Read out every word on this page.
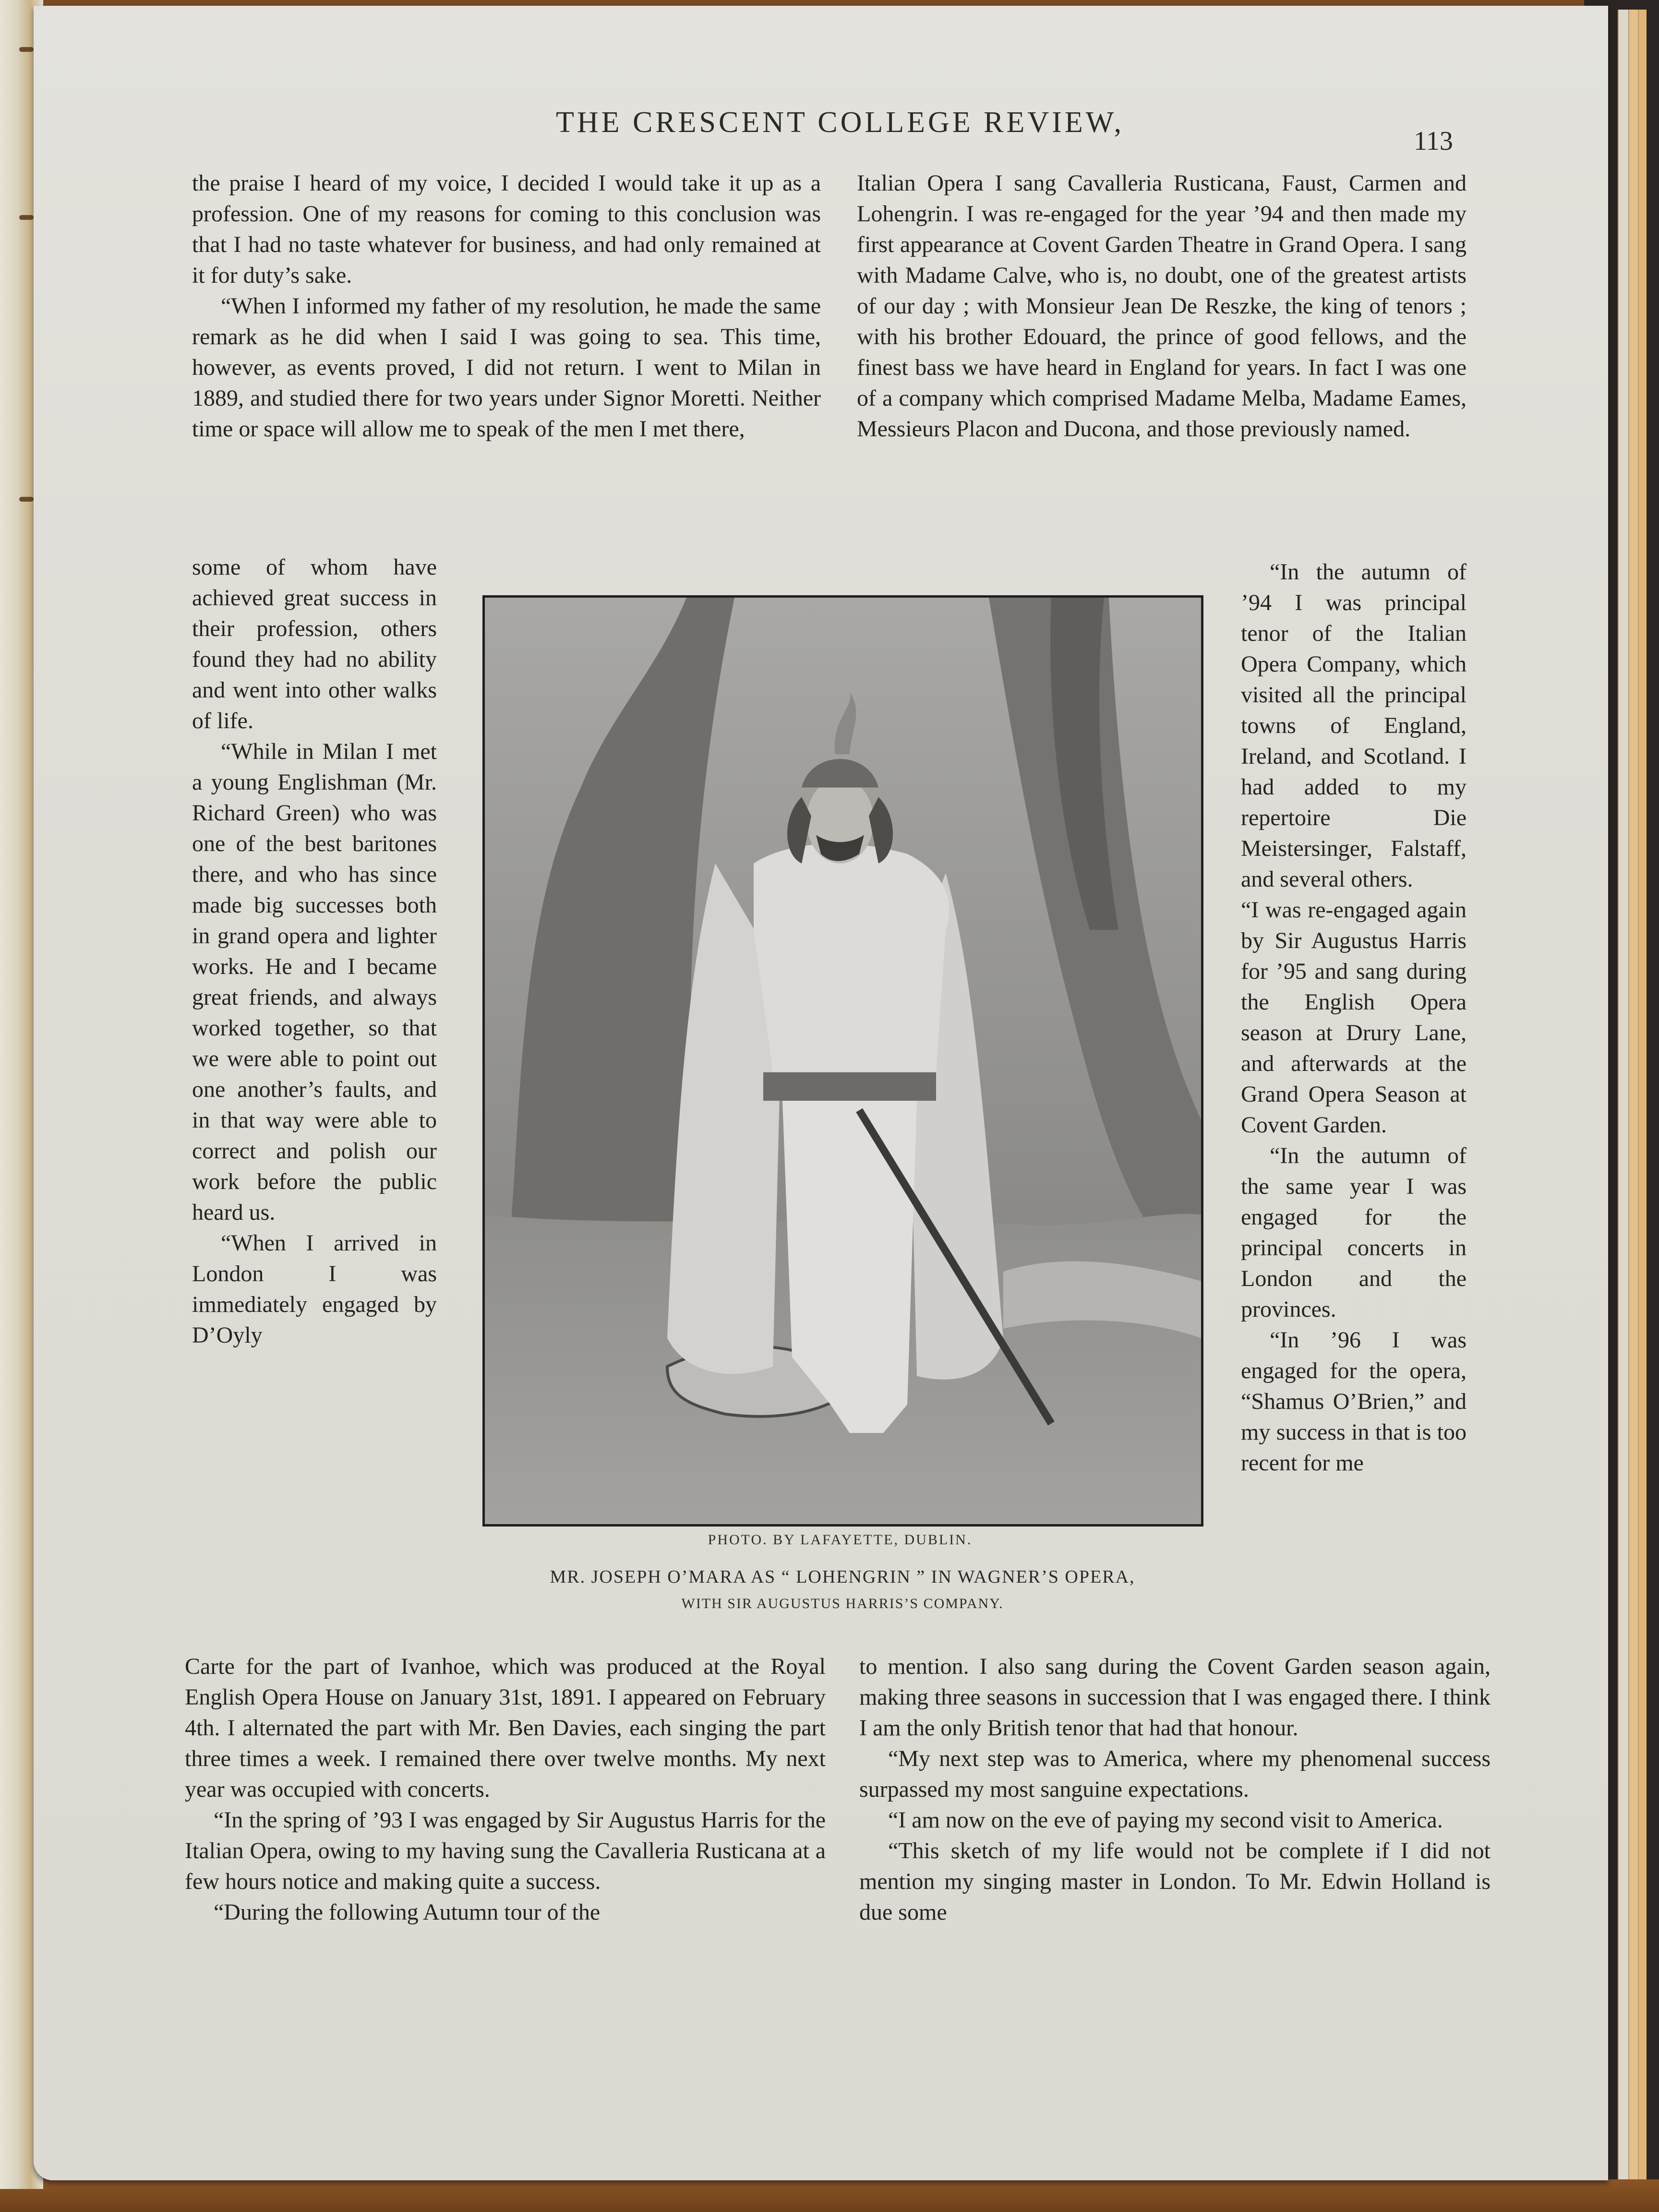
THE CRESCENT COLLEGE REVIEW,
113

the praise I heard of my voice, I decided I would take it up as a profession. One of my reasons for coming to this conclusion was that I had no taste whatever for business, and had only remained at it for duty’s sake.

“When I informed my father of my resolution, he made the same remark as he did when I said I was going to sea. This time, however, as events proved, I did not return. I went to Milan in 1889, and studied there for two years under Signor Moretti. Neither time or space will allow me to speak of the men I met there,

Italian Opera I sang Cavalleria Rusticana, Faust, Carmen and Lohengrin. I was re-engaged for the year ’94 and then made my first appearance at Covent Garden Theatre in Grand Opera. I sang with Madame Calve, who is, no doubt, one of the greatest artists of our day ; with Monsieur Jean De Reszke, the king of tenors ; with his brother Edouard, the prince of good fellows, and the finest bass we have heard in England for years. In fact I was one of a company which comprised Madame Melba, Madame Eames, Messieurs Placon and Ducona, and those previously named.

some of whom have achieved great success in their profession, others found they had no ability and went into other walks of life.

“While in Milan I met a young Englishman (Mr. Richard Green) who was one of the best baritones there, and who has since made big successes both in grand opera and lighter works. He and I became great friends, and always worked together, so that we were able to point out one another’s faults, and in that way were able to correct and polish our work before the public heard us.

“When I arrived in London I was immediately engaged by D’Oyly

“In the autumn of ’94 I was principal tenor of the Italian Opera Company, which visited all the principal towns of England, Ireland, and Scotland. I had added to my repertoire Die Meistersinger, Falstaff, and several others.

“I was re-engaged again by Sir Augustus Harris for ’95 and sang during the English Opera season at Drury Lane, and afterwards at the Grand Opera Season at Covent Garden.

“In the autumn of the same year I was engaged for the principal concerts in London and the provinces.

“In ’96 I was engaged for the opera, “Shamus O’Brien,” and my success in that is too recent for me

PHOTO. BY LAFAYETTE, DUBLIN.
MR. JOSEPH O’MARA AS “ LOHENGRIN ” IN WAGNER’S OPERA,
WITH SIR AUGUSTUS HARRIS’S COMPANY.

Carte for the part of Ivanhoe, which was produced at the Royal English Opera House on January 31st, 1891. I appeared on February 4th. I alternated the part with Mr. Ben Davies, each singing the part three times a week. I remained there over twelve months. My next year was occupied with concerts.

“In the spring of ’93 I was engaged by Sir Augustus Harris for the Italian Opera, owing to my having sung the Cavalleria Rusticana at a few hours notice and making quite a success.

“During the following Autumn tour of the

to mention. I also sang during the Covent Garden season again, making three seasons in succession that I was engaged there. I think I am the only British tenor that had that honour.

“My next step was to America, where my phenomenal success surpassed my most sanguine expectations.

“I am now on the eve of paying my second visit to America.

“This sketch of my life would not be complete if I did not mention my singing master in London. To Mr. Edwin Holland is due some
